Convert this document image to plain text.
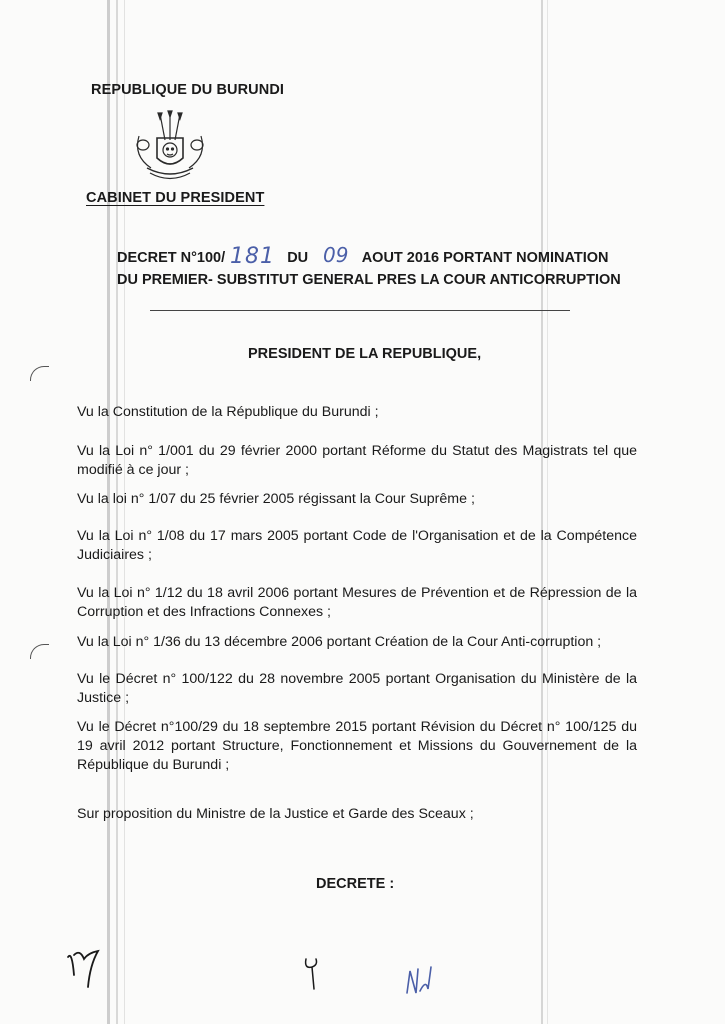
REPUBLIQUE DU BURUNDI
CABINET DU PRESIDENT
DECRET N°100/	DU	AOUT 2016 PORTANT NOMINATION
181 09
DU PREMIER- SUBSTITUT GENERAL PRES LA COUR ANTICORRUPTION
PRESIDENT DE LA REPUBLIQUE,
Vu la Constitution de la République du Burundi ;
Vu la Loi n° 1/001 du 29 février 2000 portant Réforme du Statut des Magistrats tel que modifié à ce jour ;
Vu la loi n° 1/07 du 25 février 2005 régissant la Cour Suprême ;
Vu la Loi n° 1/08 du 17 mars 2005 portant Code de l'Organisation et de la Compétence Judiciaires ;
Vu la Loi n° 1/12 du 18 avril 2006 portant Mesures de Prévention et de Répression de la Corruption et des Infractions Connexes ;
Vu la Loi n° 1/36 du 13 décembre 2006 portant Création de la Cour Anti-corruption ;
Vu le Décret n° 100/122 du 28 novembre 2005 portant Organisation du Ministère de la Justice ;
Vu le Décret n°100/29 du 18 septembre 2015 portant Révision du Décret n° 100/125 du 19 avril 2012 portant Structure, Fonctionnement et Missions du Gouvernement de la République du Burundi ;
Sur proposition du Ministre de la Justice et Garde des Sceaux ;
DECRETE :
